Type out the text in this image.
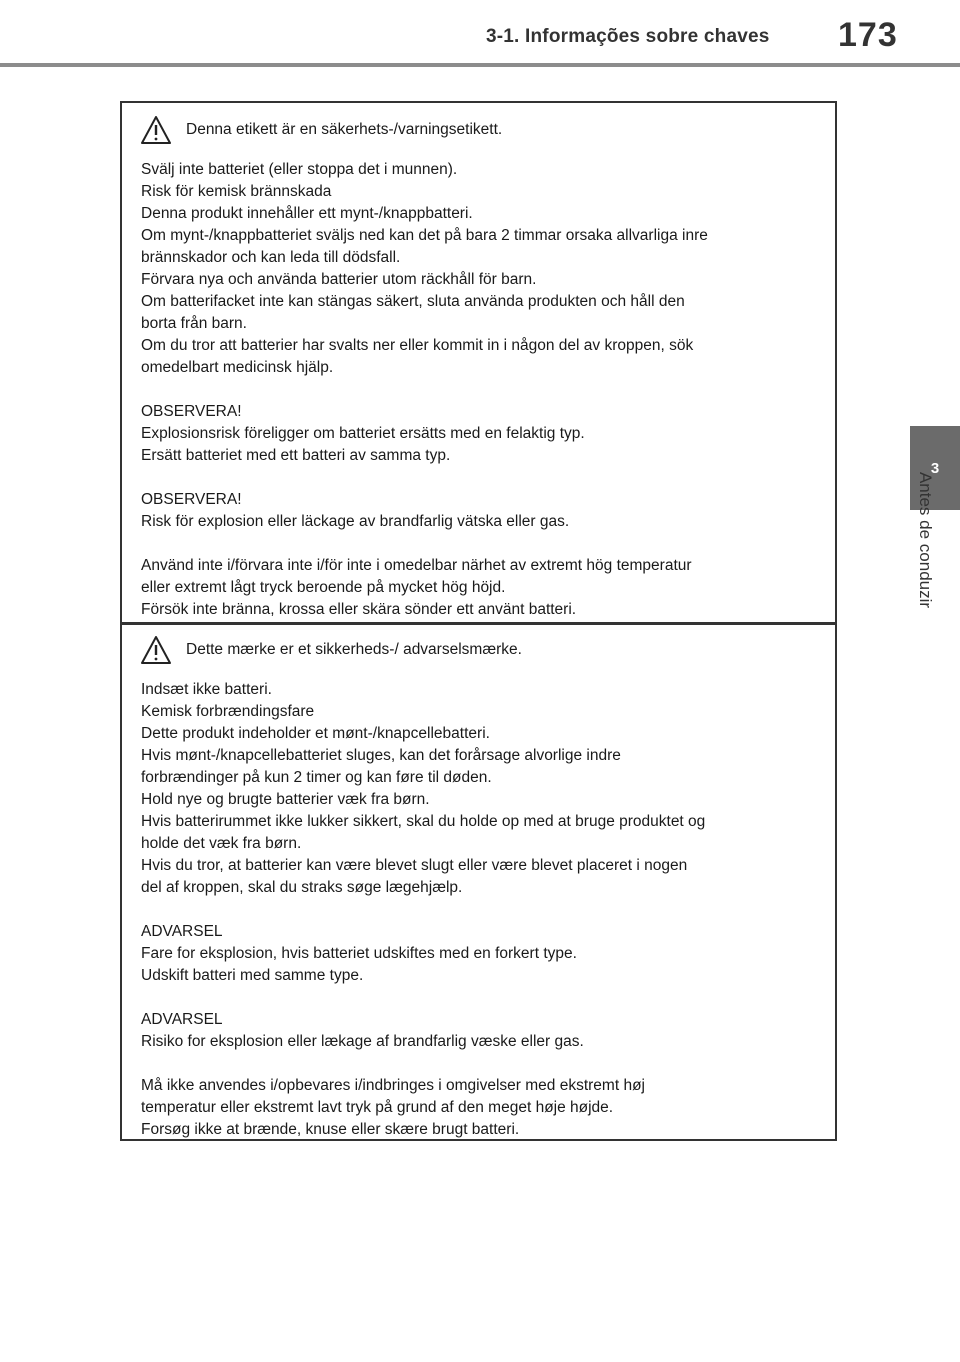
3-1. Informações sobre chaves 173
3
Antes de conduzir
Denna etikett är en säkerhets-/varningsetikett.
Svälj inte batteriet (eller stoppa det i munnen).
Risk för kemisk brännskada
Denna produkt innehåller ett mynt-/knappbatteri.
Om mynt-/knappbatteriet sväljs ned kan det på bara 2 timmar orsaka allvarliga inre
brännskador och kan leda till dödsfall.
Förvara nya och använda batterier utom räckhåll för barn.
Om batterifacket inte kan stängas säkert, sluta använda produkten och håll den
borta från barn.
Om du tror att batterier har svalts ner eller kommit in i någon del av kroppen, sök
omedelbart medicinsk hjälp.
OBSERVERA!
Explosionsrisk föreligger om batteriet ersätts med en felaktig typ.
Ersätt batteriet med ett batteri av samma typ.
OBSERVERA!
Risk för explosion eller läckage av brandfarlig vätska eller gas.
Använd inte i/förvara inte i/för inte i omedelbar närhet av extremt hög temperatur
eller extremt lågt tryck beroende på mycket hög höjd.
Försök inte bränna, krossa eller skära sönder ett använt batteri.
Dette mærke er et sikkerheds-/ advarselsmærke.
Indsæt ikke batteri.
Kemisk forbrændingsfare
Dette produkt indeholder et mønt-/knapcellebatteri.
Hvis mønt-/knapcellebatteriet sluges, kan det forårsage alvorlige indre
forbrændinger på kun 2 timer og kan føre til døden.
Hold nye og brugte batterier væk fra børn.
Hvis batterirummet ikke lukker sikkert, skal du holde op med at bruge produktet og
holde det væk fra børn.
Hvis du tror, at batterier kan være blevet slugt eller være blevet placeret i nogen
del af kroppen, skal du straks søge lægehjælp.
ADVARSEL
Fare for eksplosion, hvis batteriet udskiftes med en forkert type.
Udskift batteri med samme type.
ADVARSEL
Risiko for eksplosion eller lækage af brandfarlig væske eller gas.
Må ikke anvendes i/opbevares i/indbringes i omgivelser med ekstremt høj
temperatur eller ekstremt lavt tryk på grund af den meget høje højde.
Forsøg ikke at brænde, knuse eller skære brugt batteri.
